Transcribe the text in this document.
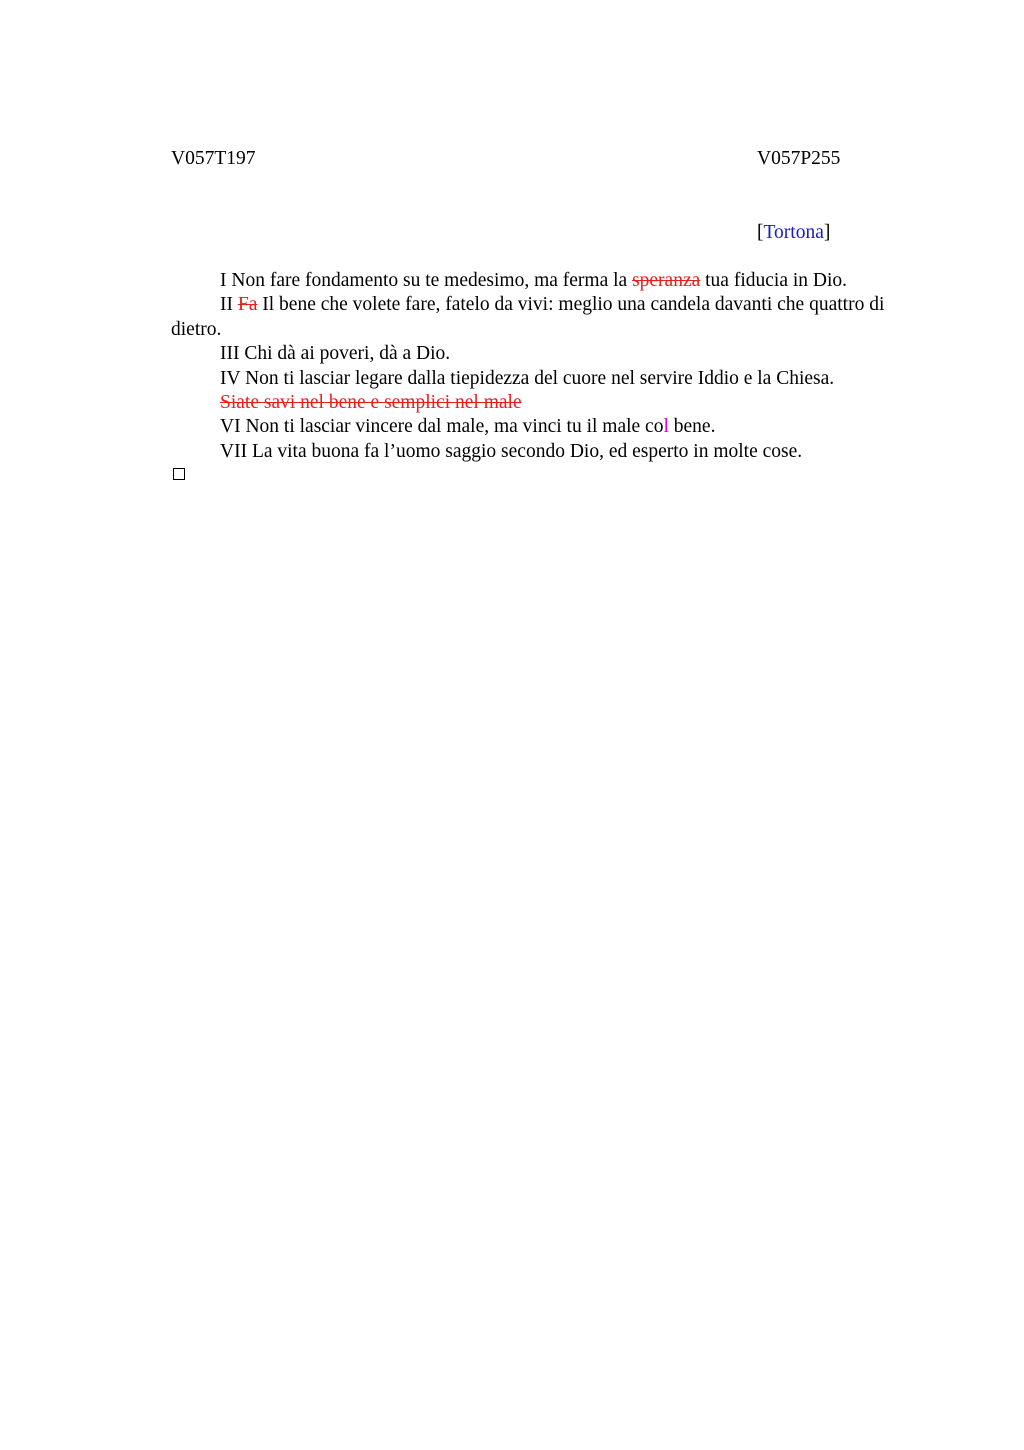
V057T197	V057P255
[Tortona]

I Non fare fondamento su te medesimo, ma ferma la speranza tua fiducia in Dio.

II Fa Il bene che volete fare, fatelo da vivi: meglio una candela davanti che quattro di dietro.

III Chi dà ai poveri, dà a Dio.

IV Non ti lasciar legare dalla tiepidezza del cuore nel servire Iddio e la Chiesa.

Siate savi nel bene e semplici nel male

VI Non ti lasciar vincere dal male, ma vinci tu il male col bene.

VII La vita buona fa l’uomo saggio secondo Dio, ed esperto in molte cose.
